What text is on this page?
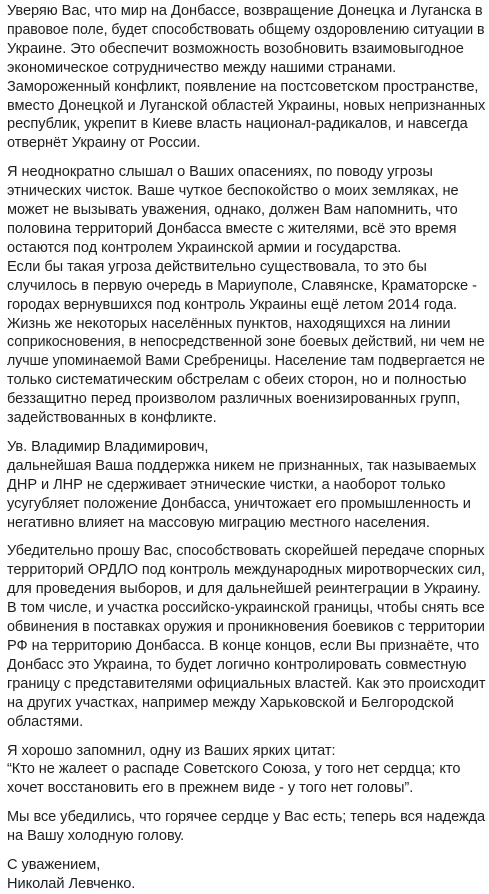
Уверяю Вас, что мир на Донбассе, возвращение Донецка и Луганска в
правовое поле, будет способствовать общему оздоровлению ситуации в
Украине. Это обеспечит возможность возобновить взаимовыгодное
экономическое сотрудничество между нашими странами.
Замороженный конфликт, появление на постсоветском пространстве,
вместо Донецкой и Луганской областей Украины, новых непризнанных
республик, укрепит в Киеве власть национал-радикалов, и навсегда
отвернёт Украину от России.
Я неоднократно слышал о Ваших опасениях, по поводу угрозы
этнических чисток. Ваше чуткое беспокойство о моих земляках, не
может не вызывать уважения, однако, должен Вам напомнить, что
половина территорий Донбасса вместе с жителями, всё это время
остаются под контролем Украинской армии и государства.
Если бы такая угроза действительно существовала, то это бы
случилось в первую очередь в Мариуполе, Славянске, Краматорске -
городах вернувшихся под контроль Украины ещё летом 2014 года.
Жизнь же некоторых населённых пунктов, находящихся на линии
соприкосновения, в непосредственной зоне боевых действий, ни чем не
лучше упоминаемой Вами Сребреницы. Население там подвергается не
только систематическим обстрелам с обеих сторон, но и полностью
беззащитно перед произволом различных военизированных групп,
задействованных в конфликте.
Ув. Владимир Владимирович,
дальнейшая Ваша поддержка никем не признанных, так называемых
ДНР и ЛНР не сдерживает этнические чистки, а наоборот только
усугубляет положение Донбасса, уничтожает его промышленность и
негативно влияет на массовую миграцию местного населения.
Убедительно прошу Вас, способствовать скорейшей передаче спорных
территорий ОРДЛО под контроль международных миротворческих сил,
для проведения выборов, и для дальнейшей реинтеграции в Украину.
В том числе, и участка российско-украинской границы, чтобы снять все
обвинения в поставках оружия и проникновения боевиков с территории
РФ на территорию Донбасса. В конце концов, если Вы признаёте, что
Донбасс это Украина, то будет логично контролировать совместную
границу с представителями официальных властей. Как это происходит
на других участках, например между Харьковской и Белгородской
областями.
Я хорошо запомнил, одну из Ваших ярких цитат:
“Кто не жалеет о распаде Советского Союза, у того нет сердца; кто
хочет восстановить его в прежнем виде - у того нет головы”.
Мы все убедились, что горячее сердце у Вас есть; теперь вся надежда
на Вашу холодную голову.
С уважением,
Николай Левченко.
